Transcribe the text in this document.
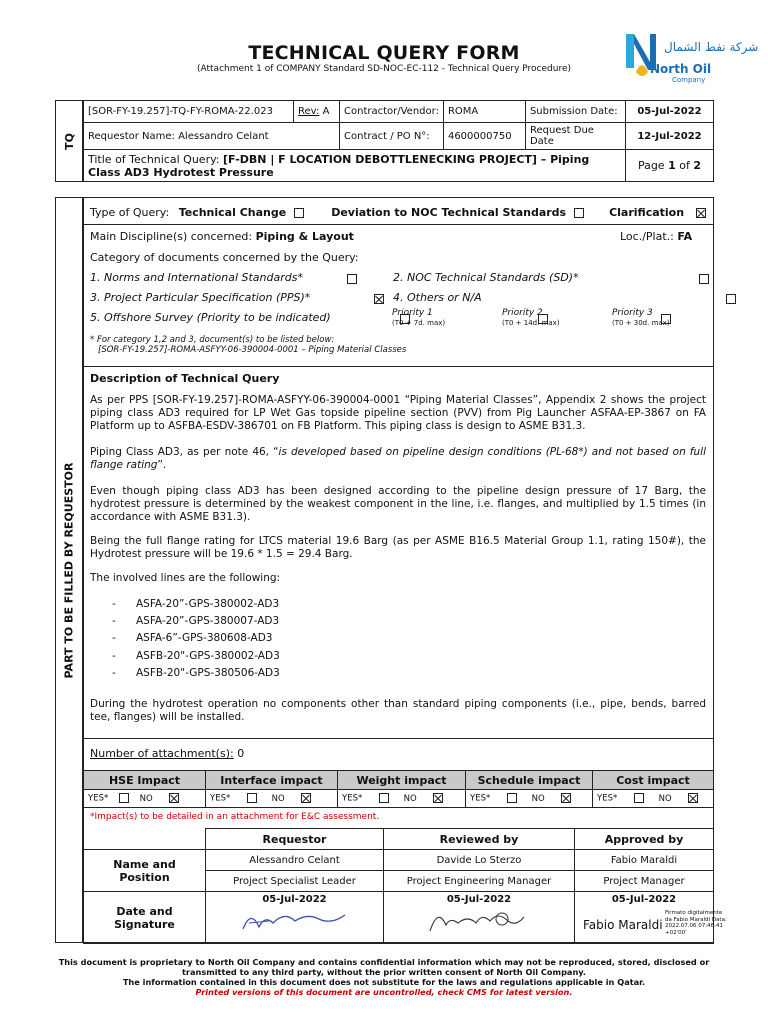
TECHNICAL QUERY FORM
(Attachment 1 of COMPANY Standard SD-NOC-EC-112 - Technical Query Procedure)
شركة نفط الشمال
North Oil
Company
TQ
[SOR-FY-19.257]-TQ-FY-ROMA-22.023	Rev: A	Contractor/Vendor:	ROMA	Submission Date:	05-Jul-2022
Requestor Name: Alessandro Celant		Contract / PO N°:	4600000750	Request Due Date	12-Jul-2022
Title of Technical Query: [F-DBN | F LOCATION DEBOTTLENECKING PROJECT] – Piping Class AD3 Hydrotest Pressure					Page 1 of 2
PART TO BE FILLED BY REQUESTOR
Type of Query: Technical Change	Deviation to NOC Technical Standards	Clarification
Main Discipline(s) concerned: Piping & Layout	Loc./Plat.: FA
Category of documents concerned by the Query:
1. Norms and International Standards*
	2. NOC Technical Standards (SD)*

3. Project Particular Specification (PPS)*
	4. Others or N/A

5. Offshore Survey (Priority to be indicated)
	Priority 1
(T0 + 7d. max)

Priority 2
(T0 + 14d. max)

Priority 3
(T0 + 30d. max)
* For category 1,2 and 3, document(s) to be listed below:
[SOR-FY-19.257]-ROMA-ASFYY-06-390004-0001 – Piping Material Classes
Description of Technical Query
As per PPS [SOR-FY-19.257]-ROMA-ASFYY-06-390004-0001 “Piping Material Classes”, Appendix 2 shows the project piping class AD3 required for LP Wet Gas topside pipeline section (PVV) from Pig Launcher ASFAA-EP-3867 on FA Platform up to ASFBA-ESDV-386701 on FB Platform. This piping class is design to ASME B31.3.
Piping Class AD3, as per note 46, “is developed based on pipeline design conditions (PL-68*) and not based on full flange rating”.
Even though piping class AD3 has been designed according to the pipeline design pressure of 17 Barg, the hydrotest pressure is determined by the weakest component in the line, i.e. flanges, and multiplied by 1.5 times (in accordance with ASME B31.3).
Being the full flange rating for LTCS material 19.6 Barg (as per ASME B16.5 Material Group 1.1, rating 150#), the Hydrotest pressure will be 19.6 * 1.5 = 29.4 Barg.
The involved lines are the following:
- ASFA-20”-GPS-380002-AD3
- ASFA-20”-GPS-380007-AD3
- ASFA-6”-GPS-380608-AD3
- ASFB-20"-GPS-380002-AD3
- ASFB-20"-GPS-380506-AD3
During the hydrotest operation no components other than standard piping components (i.e., pipe, bends, barred tee, flanges) will be installed.
Number of attachment(s): 0
HSE Impact	Interface impact	Weight impact	Schedule impact	Cost impact
YES* NO	YES* NO	YES* NO	YES* NO	YES* NO
*Impact(s) to be detailed in an attachment for E&C assessment.
	Requestor	Reviewed by	Approved by
Name and Position	Alessandro Celant	Davide Lo Sterzo	Fabio Maraldi
	Project Specialist Leader	Project Engineering Manager	Project Manager
Date and Signature	05-Jul-2022	05-Jul-2022	05-Jul-2022
Fabio Maraldi
Firmato digitalmente da Fabio Maraldi Data: 2022.07.06 07:46:41 +02'00'
This document is proprietary to North Oil Company and contains confidential information which may not be reproduced, stored, disclosed or
transmitted to any third party, without the prior written consent of North Oil Company.
The information contained in this document does not substitute for the laws and regulations applicable in Qatar.
Printed versions of this document are uncontrolled, check CMS for latest version.
